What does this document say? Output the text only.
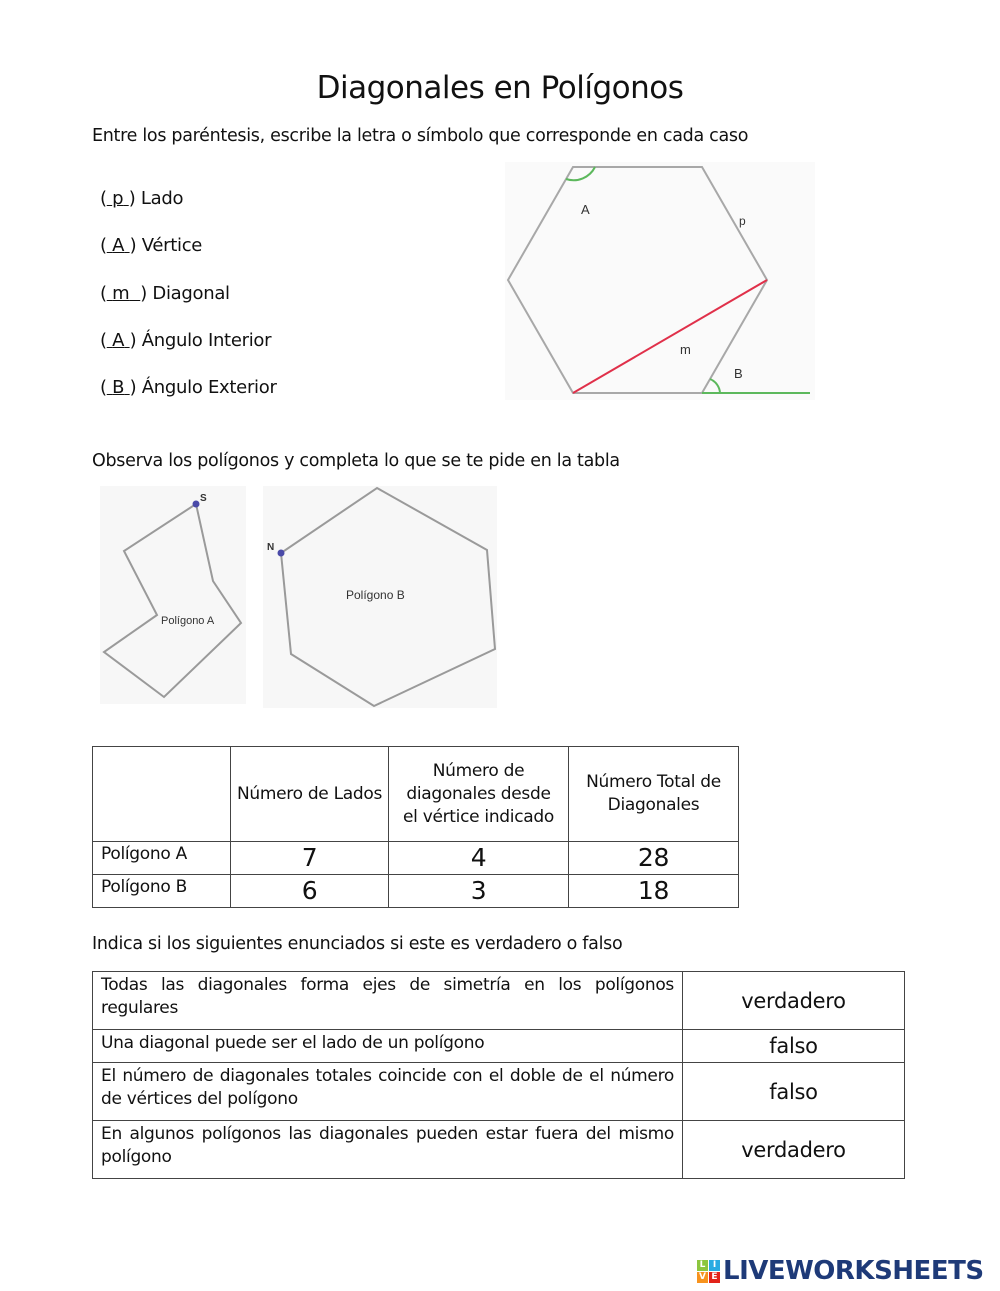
Diagonales en Polígonos
Entre los paréntesis, escribe la letra o símbolo que corresponde en cada caso
( p ) Lado
( A ) Vértice
( m ) Diagonal
( A ) Ángulo Interior
( B ) Ángulo Exterior
A
p
m
B
Observa los polígonos y completa lo que se te pide en la tabla
S
Polígono A
N
Polígono B
	Número de Lados	Número de diagonales desde el vértice indicado	Número Total de Diagonales
Polígono A	7	4	28
Polígono B	6	3	18
Indica si los siguientes enunciados si este es verdadero o falso
Todas las diagonales forma ejes de simetría en los polígonos regulares	verdadero
Una diagonal puede ser el lado de un polígono	falso
El número de diagonales totales coincide con el doble de el número de vértices del polígono	falso
En algunos polígonos las diagonales pueden estar fuera del mismo polígono	verdadero
L I
V E LIVEWORKSHEETS
